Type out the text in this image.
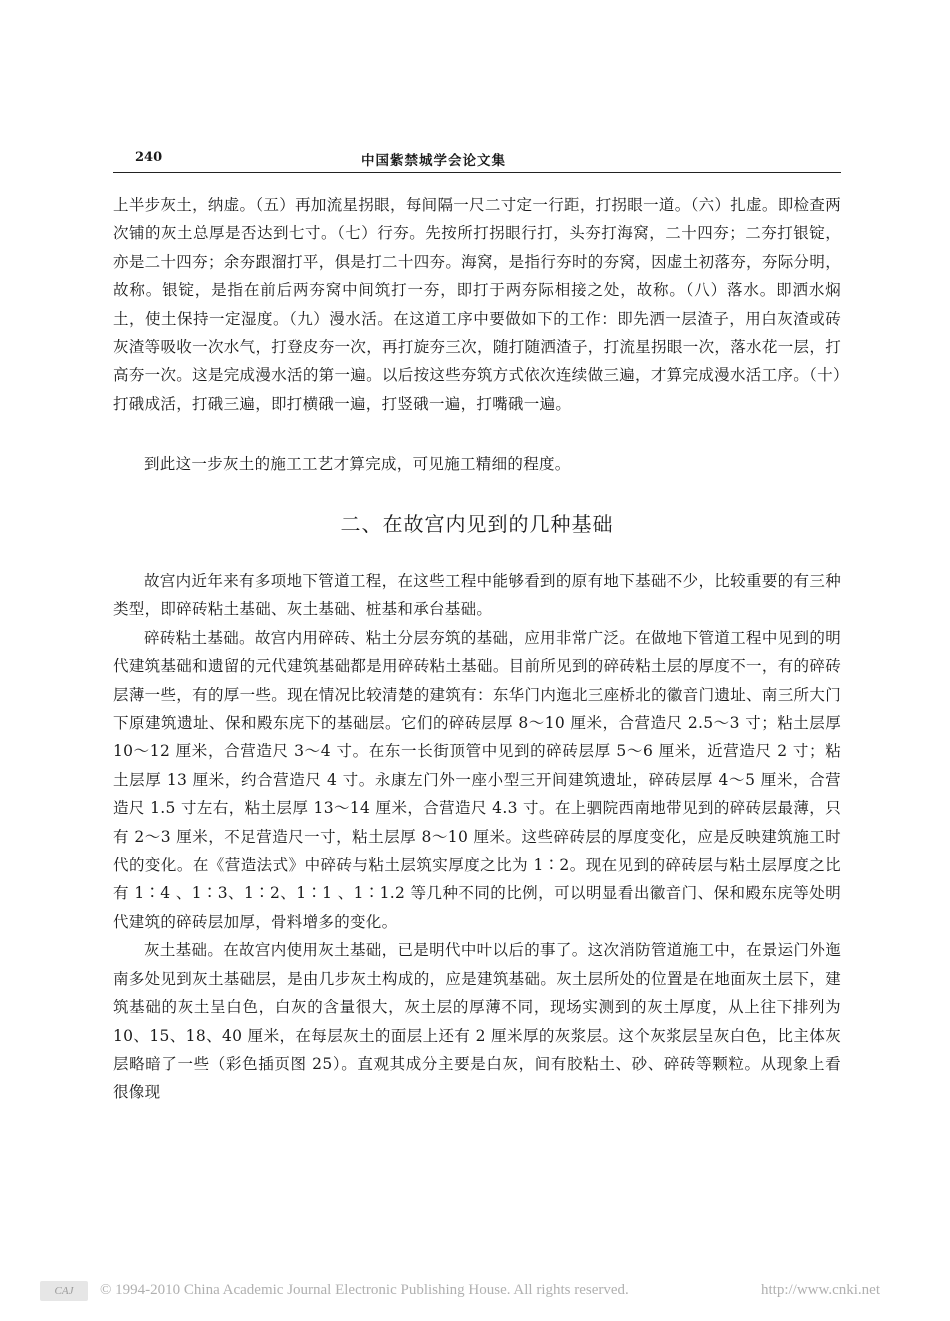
240	中国紫禁城学会论文集

上半步灰土，纳虚。（五）再加流星拐眼，每间隔一尺二寸定一行距，打拐眼一道。（六）扎虚。即检查两次铺的灰土总厚是否达到七寸。（七）行夯。先按所打拐眼行打，头夯打海窝，二十四夯；二夯打银锭，亦是二十四夯；余夯跟溜打平，俱是打二十四夯。海窝，是指行夯时的夯窝，因虚土初落夯，夯际分明，故称。银锭，是指在前后两夯窝中间筑打一夯，即打于两夯际相接之处，故称。（八）落水。即洒水焖土，使土保持一定湿度。（九）漫水活。在这道工序中要做如下的工作：即先洒一层渣子，用白灰渣或砖灰渣等吸收一次水气，打登皮夯一次，再打旋夯三次，随打随洒渣子，打流星拐眼一次，落水花一层，打高夯一次。这是完成漫水活的第一遍。以后按这些夯筑方式依次连续做三遍，才算完成漫水活工序。（十）打硪成活，打硪三遍，即打横硪一遍，打竖硪一遍，打嘴硪一遍。

到此这一步灰土的施工工艺才算完成，可见施工精细的程度。

二、在故宫内见到的几种基础

故宫内近年来有多项地下管道工程，在这些工程中能够看到的原有地下基础不少，比较重要的有三种类型，即碎砖粘土基础、灰土基础、桩基和承台基础。

碎砖粘土基础。故宫内用碎砖、粘土分层夯筑的基础，应用非常广泛。在做地下管道工程中见到的明代建筑基础和遗留的元代建筑基础都是用碎砖粘土基础。目前所见到的碎砖粘土层的厚度不一，有的碎砖层薄一些，有的厚一些。现在情况比较清楚的建筑有：东华门内迤北三座桥北的徽音门遗址、南三所大门下原建筑遗址、保和殿东庑下的基础层。它们的碎砖层厚 8～10 厘米，合营造尺 2.5～3 寸；粘土层厚 10～12 厘米，合营造尺 3～4 寸。在东一长街顶管中见到的碎砖层厚 5～6 厘米，近营造尺 2 寸；粘土层厚 13 厘米，约合营造尺 4 寸。永康左门外一座小型三开间建筑遗址，碎砖层厚 4～5 厘米，合营造尺 1.5 寸左右，粘土层厚 13～14 厘米，合营造尺 4.3 寸。在上驷院西南地带见到的碎砖层最薄，只有 2～3 厘米，不足营造尺一寸，粘土层厚 8～10 厘米。这些碎砖层的厚度变化，应是反映建筑施工时代的变化。在《营造法式》中碎砖与粘土层筑实厚度之比为 1∶2。现在见到的碎砖层与粘土层厚度之比有 1∶4 、1∶3、1∶2、1∶1 、1∶1.2 等几种不同的比例，可以明显看出徽音门、保和殿东庑等处明代建筑的碎砖层加厚，骨料增多的变化。

灰土基础。在故宫内使用灰土基础，已是明代中叶以后的事了。这次消防管道施工中，在景运门外迤南多处见到灰土基础层，是由几步灰土构成的，应是建筑基础。灰土层所处的位置是在地面灰土层下，建筑基础的灰土呈白色，白灰的含量很大，灰土层的厚薄不同，现场实测到的灰土厚度，从上往下排列为 10、15、18、40 厘米，在每层灰土的面层上还有 2 厘米厚的灰浆层。这个灰浆层呈灰白色，比主体灰层略暗了一些（彩色插页图 25）。直观其成分主要是白灰，间有胶粘土、砂、碎砖等颗粒。从现象上看很像现

CAJ	© 1994-2010 China Academic Journal Electronic Publishing House. All rights reserved.	http://www.cnki.net
